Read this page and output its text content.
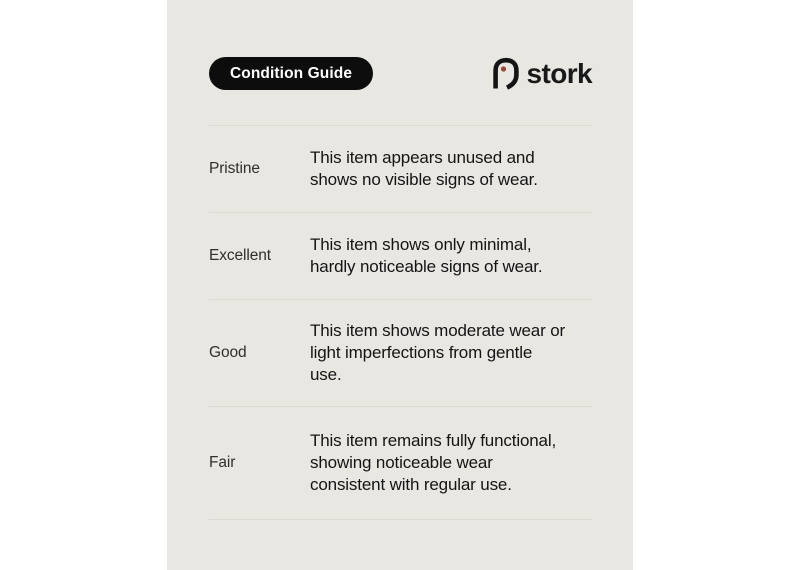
Condition Guide	stork
Pristine
This item appears unused and
shows no visible signs of wear.
Excellent
This item shows only minimal,
hardly noticeable signs of wear.
Good
This item shows moderate wear or
light imperfections from gentle
use.
Fair
This item remains fully functional,
showing noticeable wear
consistent with regular use.
